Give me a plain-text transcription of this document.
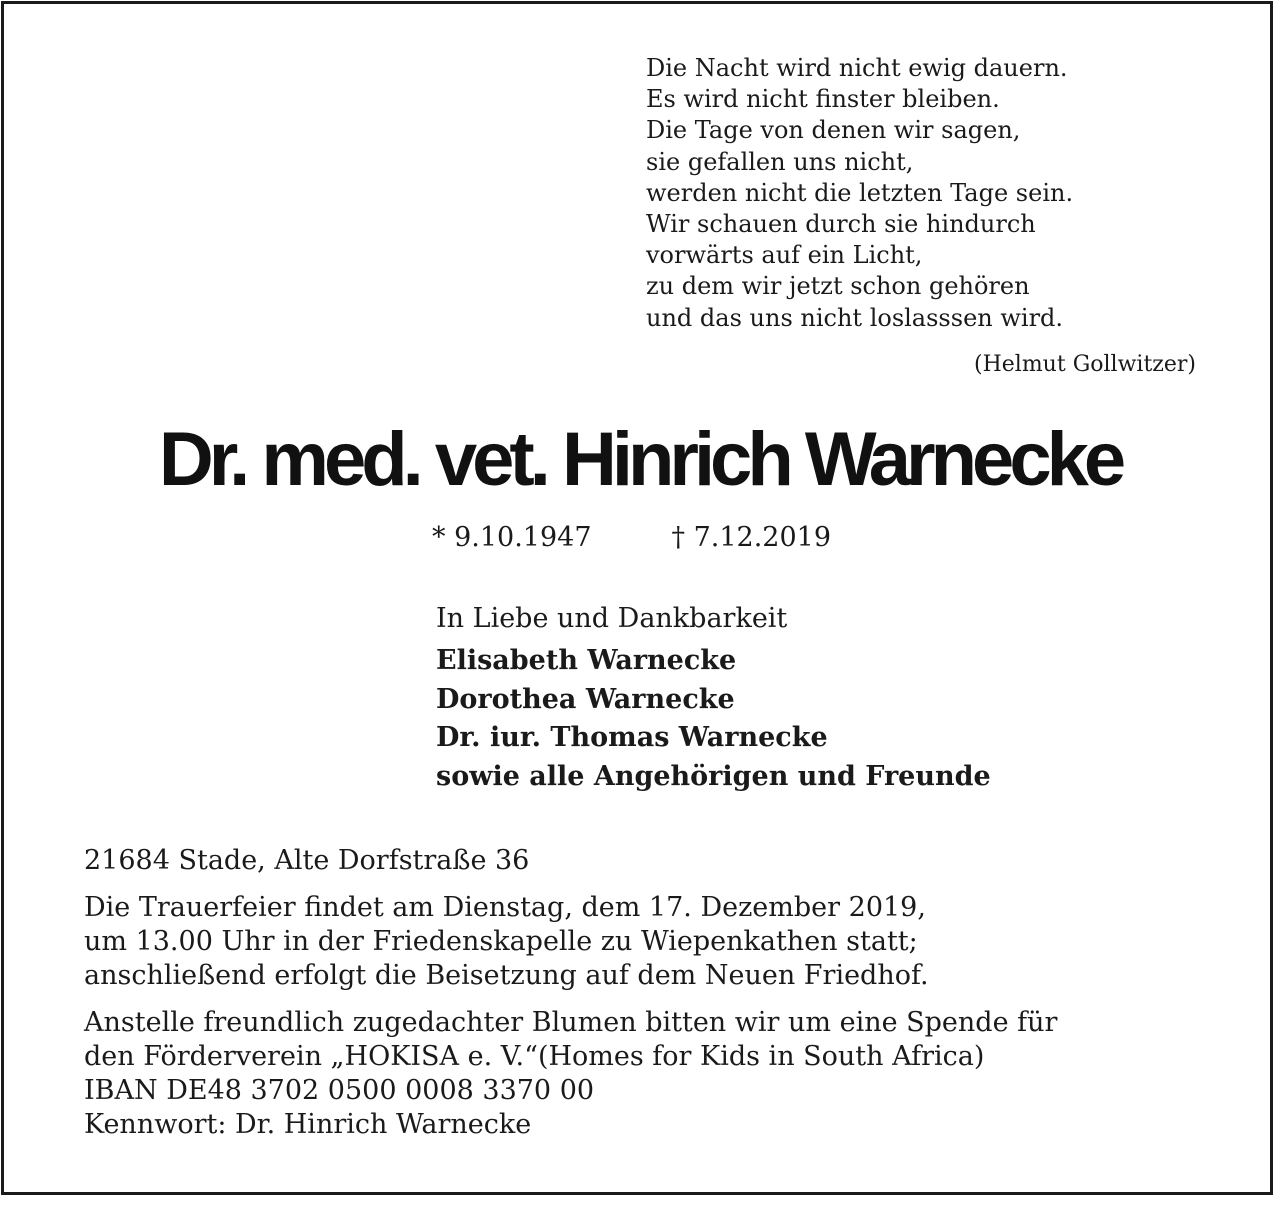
Die Nacht wird nicht ewig dauern.
Es wird nicht finster bleiben.
Die Tage von denen wir sagen,
sie gefallen uns nicht,
werden nicht die letzten Tage sein.
Wir schauen durch sie hindurch
vorwärts auf ein Licht,
zu dem wir jetzt schon gehören
und das uns nicht loslasssen wird.
(Helmut Gollwitzer)
Dr. med. vet. Hinrich Warnecke
* 9.10.1947	† 7.12.2019
In Liebe und Dankbarkeit
Elisabeth Warnecke
Dorothea Warnecke
Dr. iur. Thomas Warnecke
sowie alle Angehörigen und Freunde
21684 Stade, Alte Dorfstraße 36
Die Trauerfeier findet am Dienstag, dem 17. Dezember 2019,
um 13.00 Uhr in der Friedenskapelle zu Wiepenkathen statt;
anschließend erfolgt die Beisetzung auf dem Neuen Friedhof.
Anstelle freundlich zugedachter Blumen bitten wir um eine Spende für
den Förderverein „HOKISA e. V.“(Homes for Kids in South Africa)
IBAN DE48 3702 0500 0008 3370 00
Kennwort: Dr. Hinrich Warnecke
